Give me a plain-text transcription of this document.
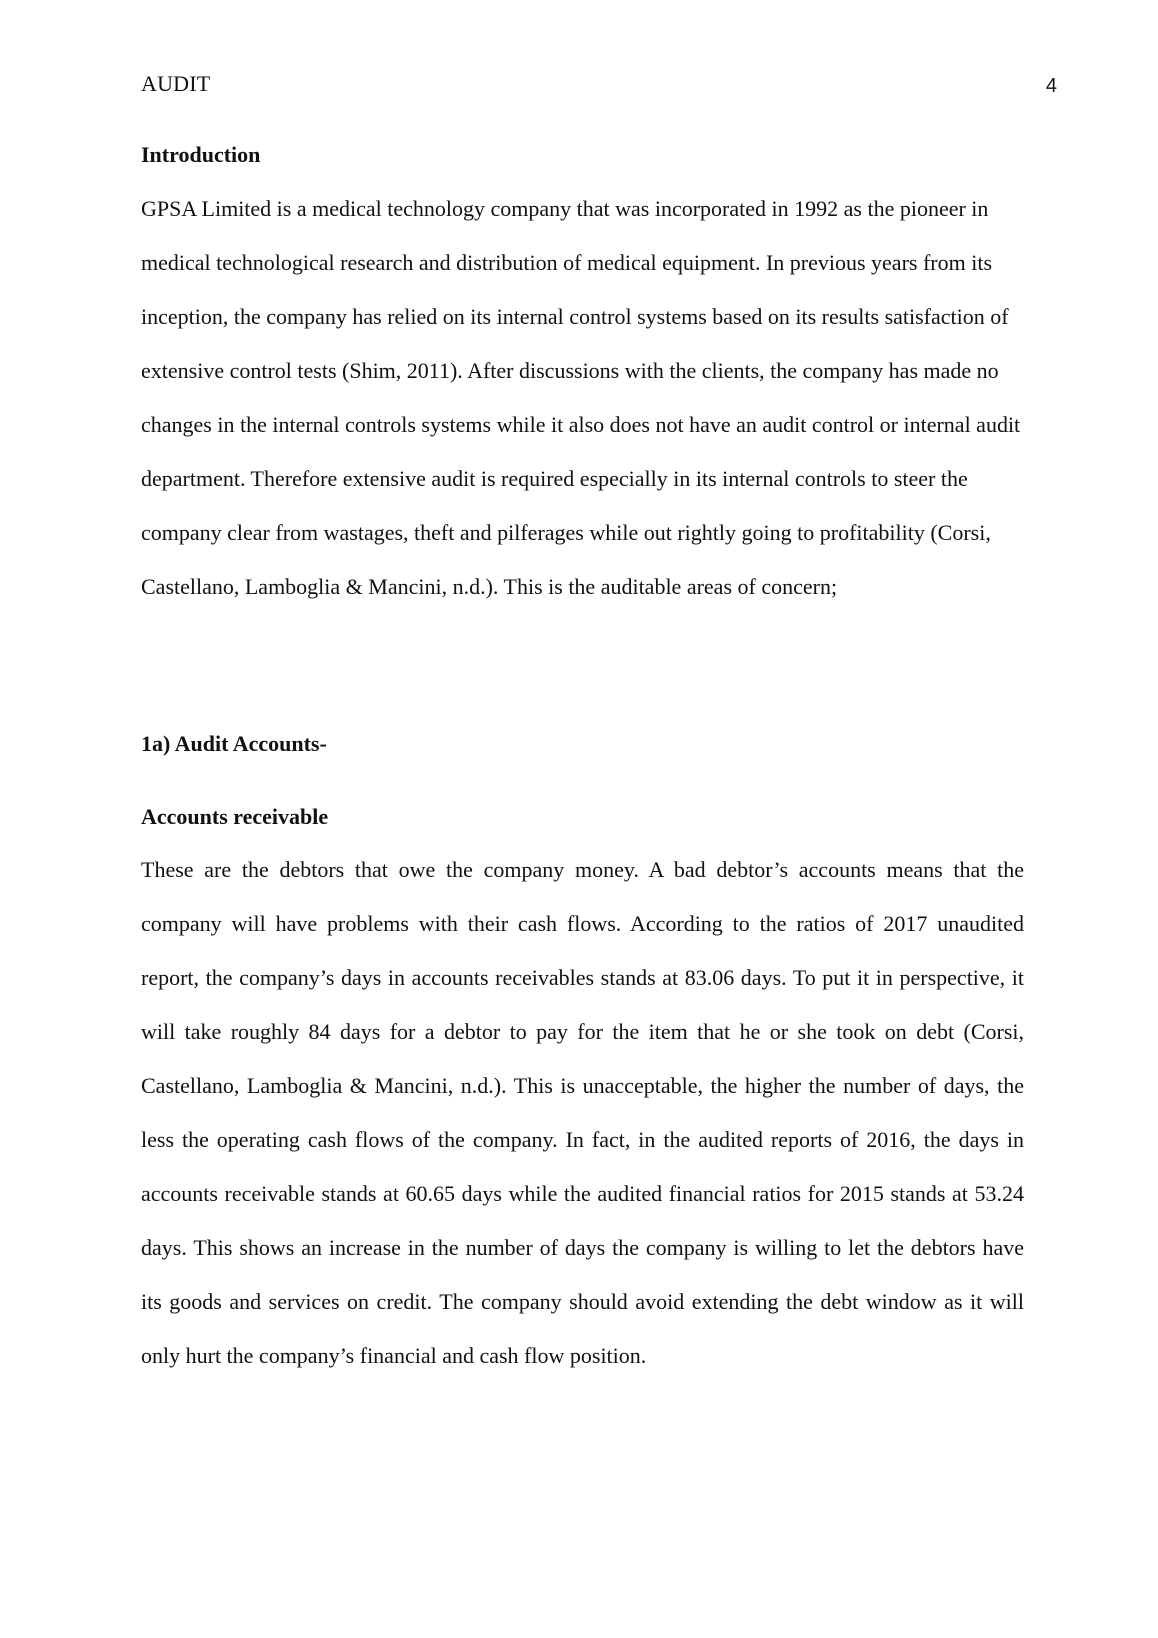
AUDIT	4
Introduction

GPSA Limited is a medical technology company that was incorporated in 1992 as the pioneer in medical technological research and distribution of medical equipment. In previous years from its inception, the company has relied on its internal control systems based on its results satisfaction of extensive control tests (Shim, 2011). After discussions with the clients, the company has made no changes in the internal controls systems while it also does not have an audit control or internal audit department. Therefore extensive audit is required especially in its internal controls to steer the company clear from wastages, theft and pilferages while out rightly going to profitability (Corsi, Castellano, Lamboglia & Mancini, n.d.). This is the auditable areas of concern;

1a) Audit Accounts-
Accounts receivable

These are the debtors that owe the company money. A bad debtor’s accounts means that the company will have problems with their cash flows. According to the ratios of 2017 unaudited report, the company’s days in accounts receivables stands at 83.06 days. To put it in perspective, it will take roughly 84 days for a debtor to pay for the item that he or she took on debt (Corsi, Castellano, Lamboglia & Mancini, n.d.). This is unacceptable, the higher the number of days, the less the operating cash flows of the company. In fact, in the audited reports of 2016, the days in accounts receivable stands at 60.65 days while the audited financial ratios for 2015 stands at 53.24 days. This shows an increase in the number of days the company is willing to let the debtors have its goods and services on credit. The company should avoid extending the debt window as it will only hurt the company’s financial and cash flow position.
